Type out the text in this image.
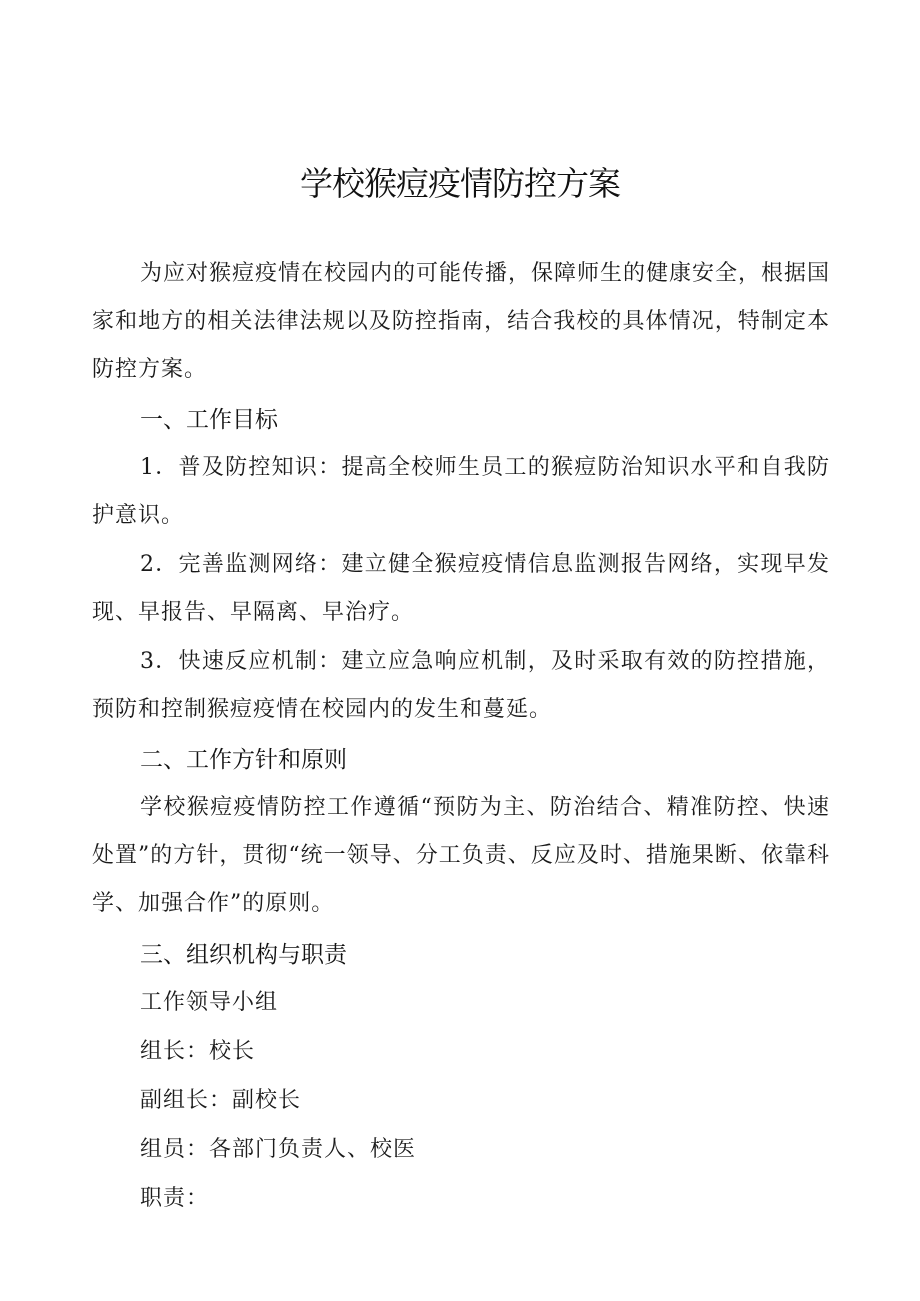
学校猴痘疫情防控方案

为应对猴痘疫情在校园内的可能传播，保障师生的健康安全，根据国家和地方的相关法律法规以及防控指南，结合我校的具体情况，特制定本防控方案。

一、工作目标

1．普及防控知识：提高全校师生员工的猴痘防治知识水平和自我防护意识。

2．完善监测网络：建立健全猴痘疫情信息监测报告网络，实现早发现、早报告、早隔离、早治疗。

3．快速反应机制：建立应急响应机制，及时采取有效的防控措施，预防和控制猴痘疫情在校园内的发生和蔓延。

二、工作方针和原则

学校猴痘疫情防控工作遵循“预防为主、防治结合、精准防控、快速处置”的方针，贯彻“统一领导、分工负责、反应及时、措施果断、依靠科学、加强合作”的原则。

三、组织机构与职责

工作领导小组

组长：校长

副组长：副校长

组员：各部门负责人、校医

职责：
